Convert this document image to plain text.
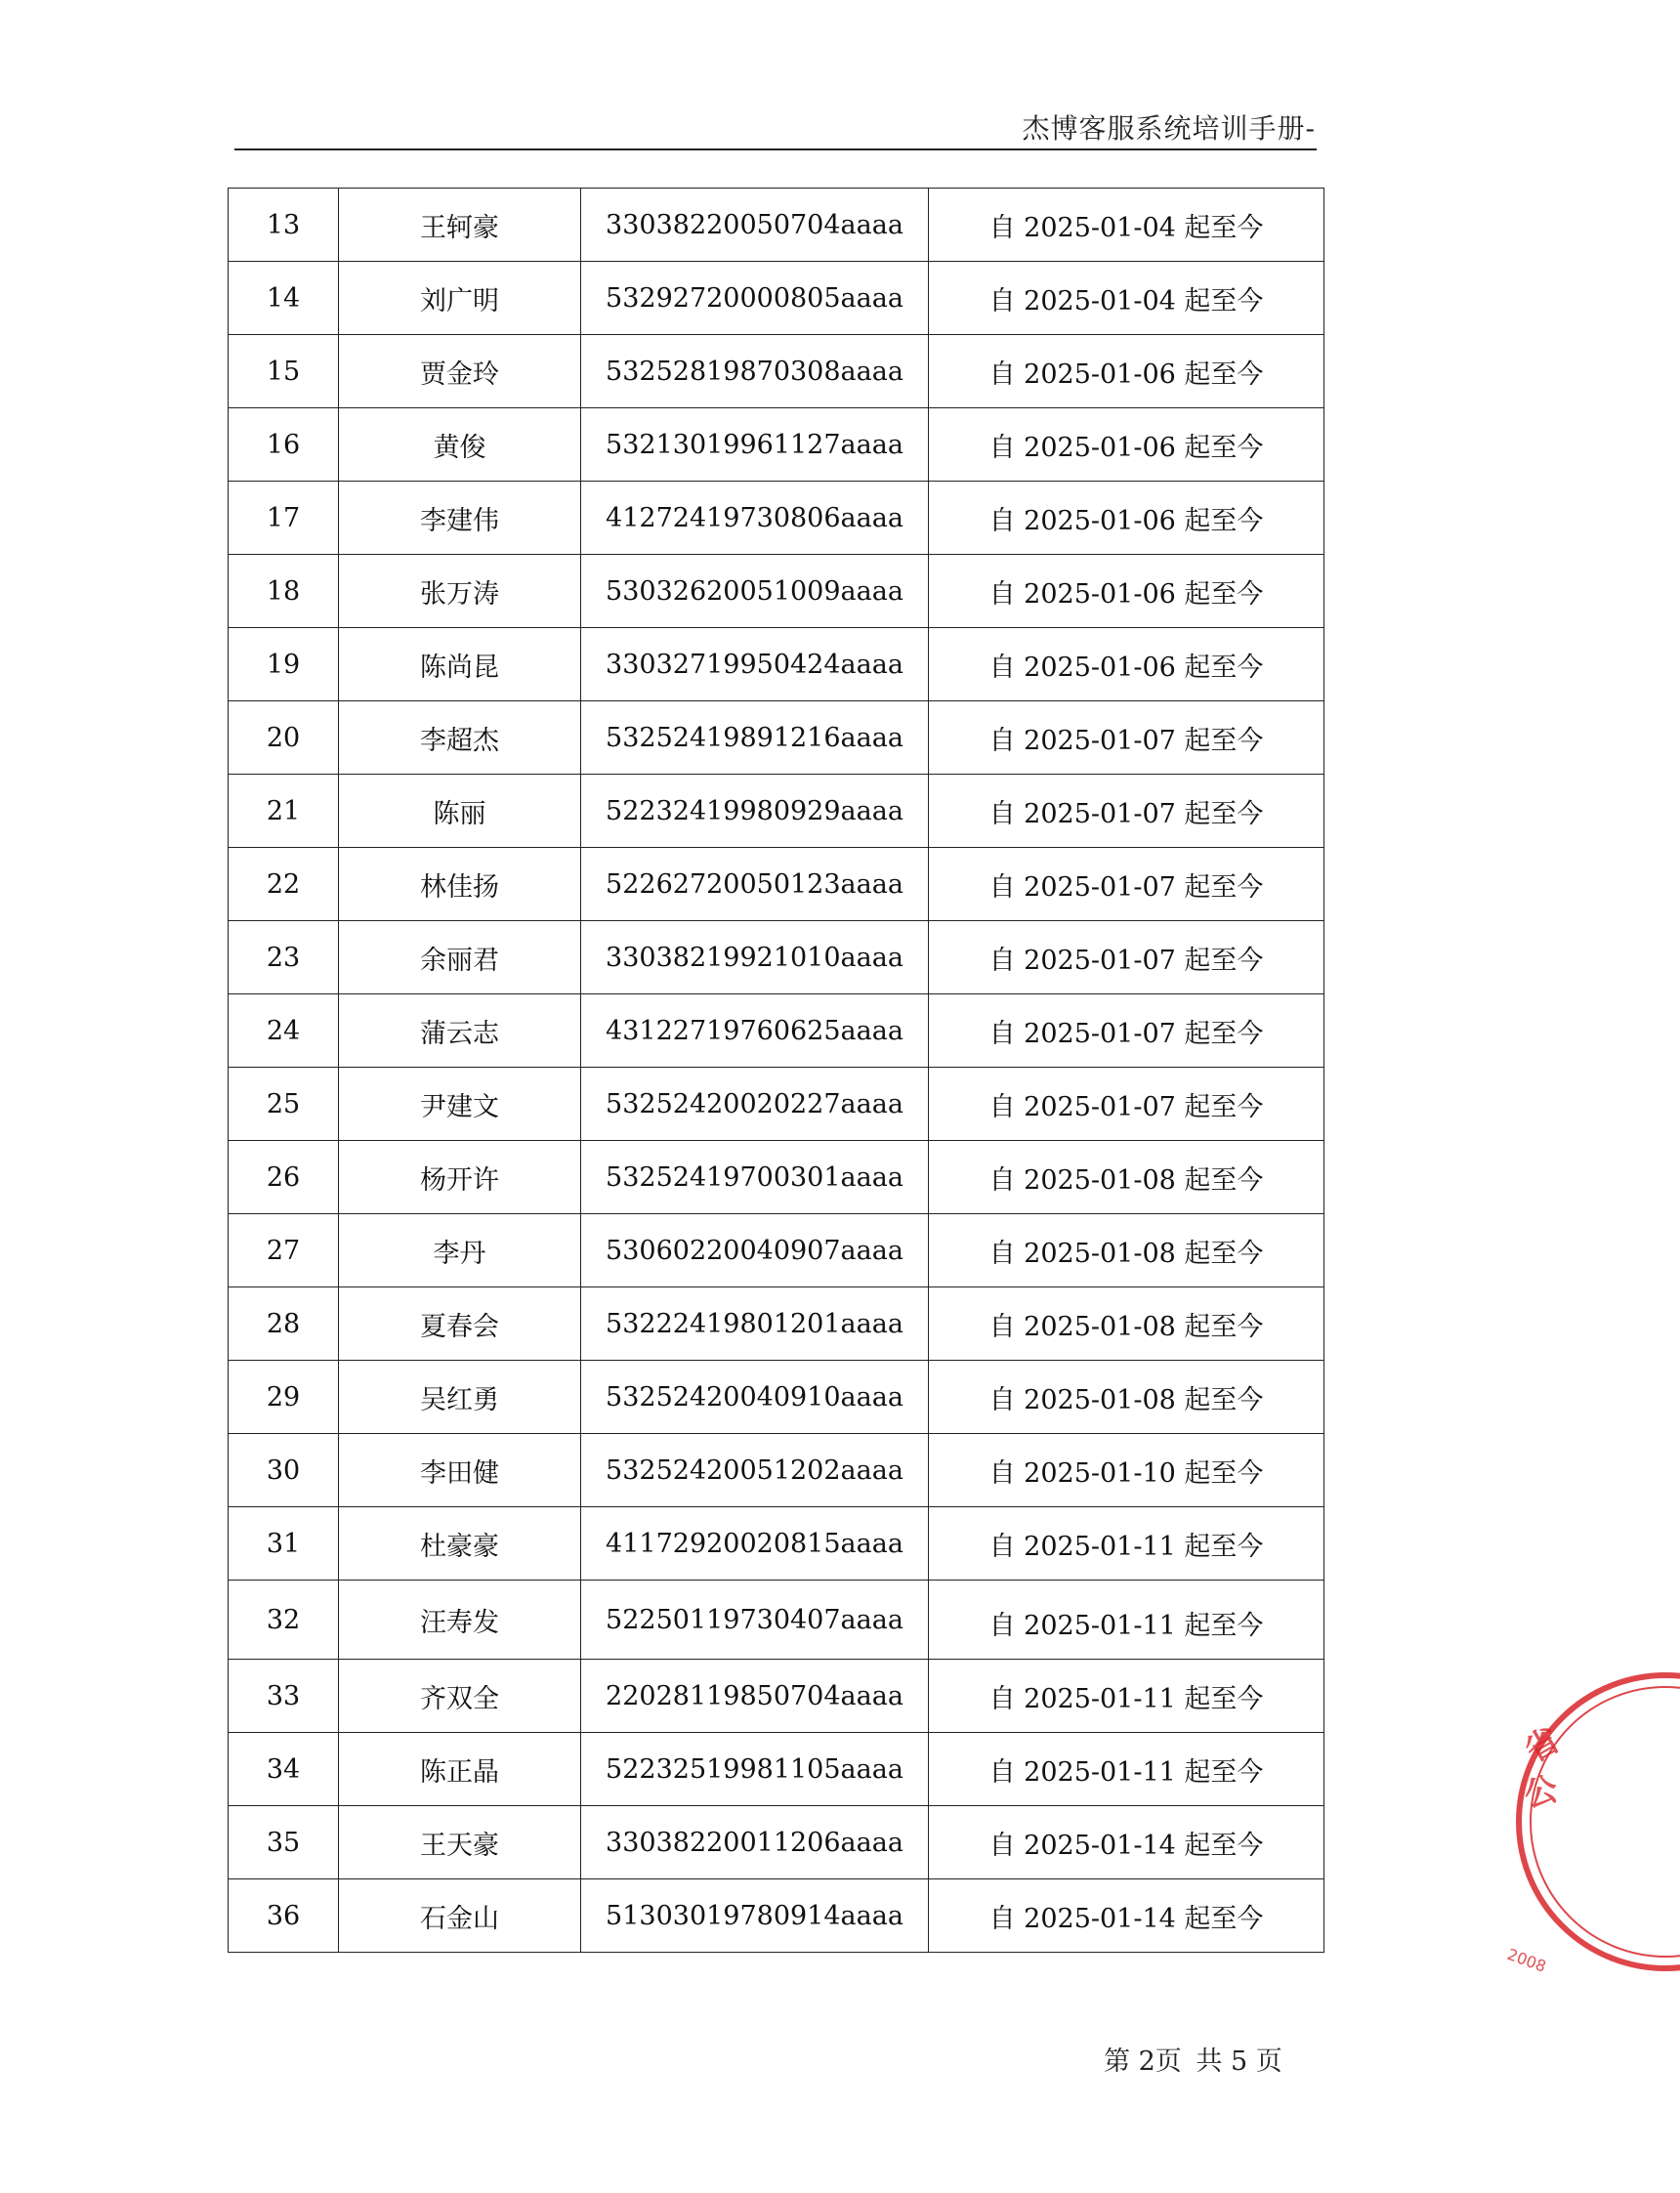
杰博客服系统培训手册-
13	王轲豪	33038220050704aaaa	自 2025-01-04 起至今
14	刘广明	53292720000805aaaa	自 2025-01-04 起至今
15	贾金玲	53252819870308aaaa	自 2025-01-06 起至今
16	黄俊	53213019961127aaaa	自 2025-01-06 起至今
17	李建伟	41272419730806aaaa	自 2025-01-06 起至今
18	张万涛	53032620051009aaaa	自 2025-01-06 起至今
19	陈尚昆	33032719950424aaaa	自 2025-01-06 起至今
20	李超杰	53252419891216aaaa	自 2025-01-07 起至今
21	陈丽	52232419980929aaaa	自 2025-01-07 起至今
22	林佳扬	52262720050123aaaa	自 2025-01-07 起至今
23	余丽君	33038219921010aaaa	自 2025-01-07 起至今
24	蒲云志	43122719760625aaaa	自 2025-01-07 起至今
25	尹建文	53252420020227aaaa	自 2025-01-07 起至今
26	杨开许	53252419700301aaaa	自 2025-01-08 起至今
27	李丹	53060220040907aaaa	自 2025-01-08 起至今
28	夏春会	53222419801201aaaa	自 2025-01-08 起至今
29	吴红勇	53252420040910aaaa	自 2025-01-08 起至今
30	李田健	53252420051202aaaa	自 2025-01-10 起至今
31	杜豪豪	41172920020815aaaa	自 2025-01-11 起至今
32	汪寿发	52250119730407aaaa	自 2025-01-11 起至今
33	齐双全	22028119850704aaaa	自 2025-01-11 起至今
34	陈正晶	52232519981105aaaa	自 2025-01-11 起至今
35	王天豪	33038220011206aaaa	自 2025-01-14 起至今
36	石金山	51303019780914aaaa	自 2025-01-14 起至今
第 2页 共 5 页
省
公
2008
